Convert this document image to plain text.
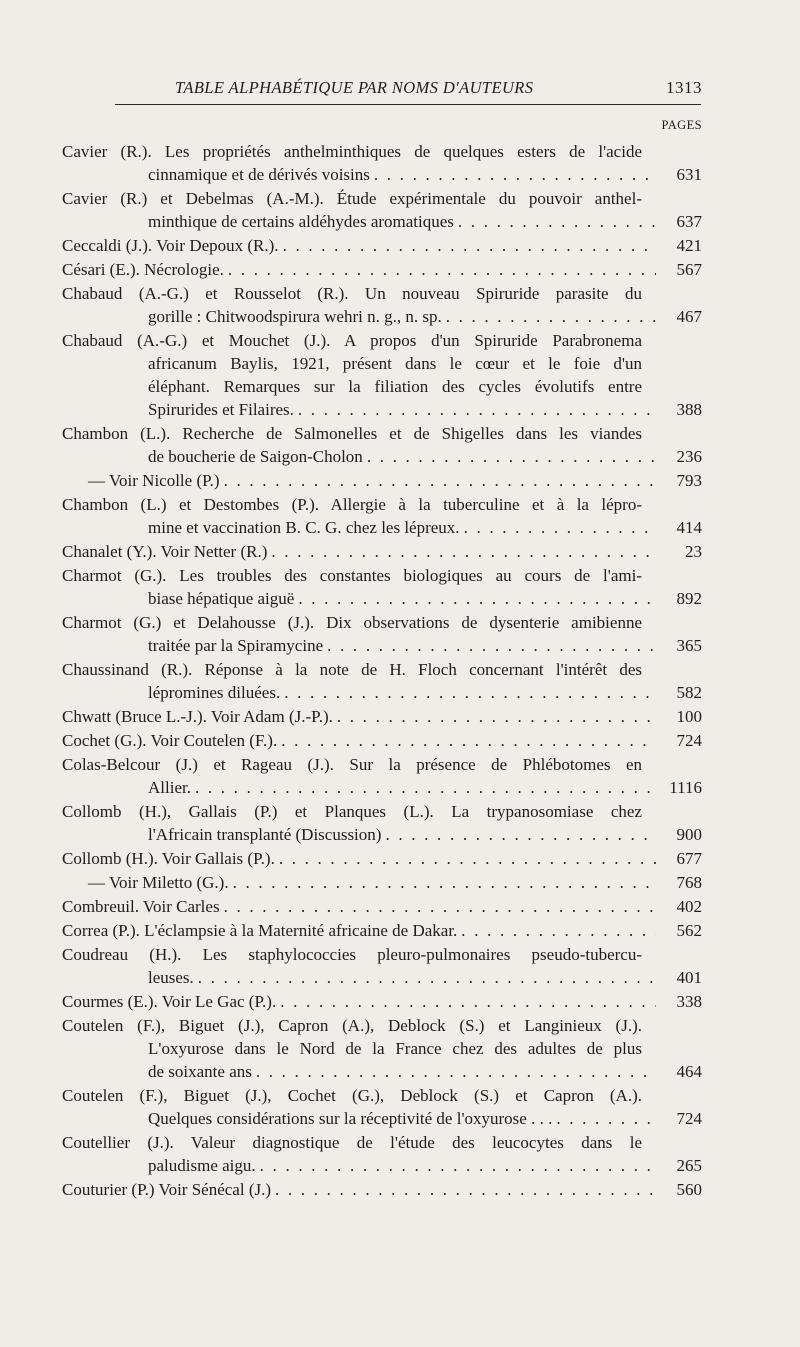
TABLE ALPHABÉTIQUE PAR NOMS D'AUTEURS	1313
PAGES
Cavier (R.). Les propriétés anthelminthiques de quelques esters de l'acide
cinnamique et de dérivés voisins . . .	631
Cavier (R.) et Debelmas (A.-M.). Étude expérimentale du pouvoir anthel-
minthique de certains aldéhydes aromatiques . . .	637
Ceccaldi (J.). Voir Depoux (R.). . . .	421
Césari (E.). Nécrologie. . . .	567
Chabaud (A.-G.) et Rousselot (R.). Un nouveau Spiruride parasite du
gorille : Chitwoodspirura wehri n. g., n. sp. . . .	467
Chabaud (A.-G.) et Mouchet (J.). A propos d'un Spiruride Parabronema
africanum Baylis, 1921, présent dans le cœur et le foie d'un
éléphant. Remarques sur la filiation des cycles évolutifs entre
Spirurides et Filaires. . . .	388
Chambon (L.). Recherche de Salmonelles et de Shigelles dans les viandes
de boucherie de Saigon-Cholon . . .	236
— Voir Nicolle (P.) . . .	793
Chambon (L.) et Destombes (P.). Allergie à la tuberculine et à la lépro-
mine et vaccination B. C. G. chez les lépreux. . . .	414
Chanalet (Y.). Voir Netter (R.) . . .	23
Charmot (G.). Les troubles des constantes biologiques au cours de l'ami-
biase hépatique aiguë . . .	892
Charmot (G.) et Delahousse (J.). Dix observations de dysenterie amibienne
traitée par la Spiramycine . . .	365
Chaussinand (R.). Réponse à la note de H. Floch concernant l'intérêt des
lépromines diluées. . . .	582
Chwatt (Bruce L.-J.). Voir Adam (J.-P.). . . .	100
Cochet (G.). Voir Coutelen (F.). . . .	724
Colas-Belcour (J.) et Rageau (J.). Sur la présence de Phlébotomes en
Allier. . . .	1116
Collomb (H.), Gallais (P.) et Planques (L.). La trypanosomiase chez
l'Africain transplanté (Discussion) . . .	900
Collomb (H.). Voir Gallais (P.). . . .	677
— Voir Miletto (G.). . . .	768
Combreuil. Voir Carles . . .	402
Correa (P.). L'éclampsie à la Maternité africaine de Dakar. . . .	562
Coudreau (H.). Les staphylococcies pleuro-pulmonaires pseudo-tubercu-
leuses. . . .	401
Courmes (E.). Voir Le Gac (P.). . . .	338
Coutelen (F.), Biguet (J.), Capron (A.), Deblock (S.) et Langinieux (J.).
L'oxyurose dans le Nord de la France chez des adultes de plus
de soixante ans . . .	464
Coutelen (F.), Biguet (J.), Cochet (G.), Deblock (S.) et Capron (A.).
Quelques considérations sur la réceptivité de l'oxyurose . . . . . .	724
Coutellier (J.). Valeur diagnostique de l'étude des leucocytes dans le
paludisme aigu. . . .	265
Couturier (P.) Voir Sénécal (J.) . . .	560
